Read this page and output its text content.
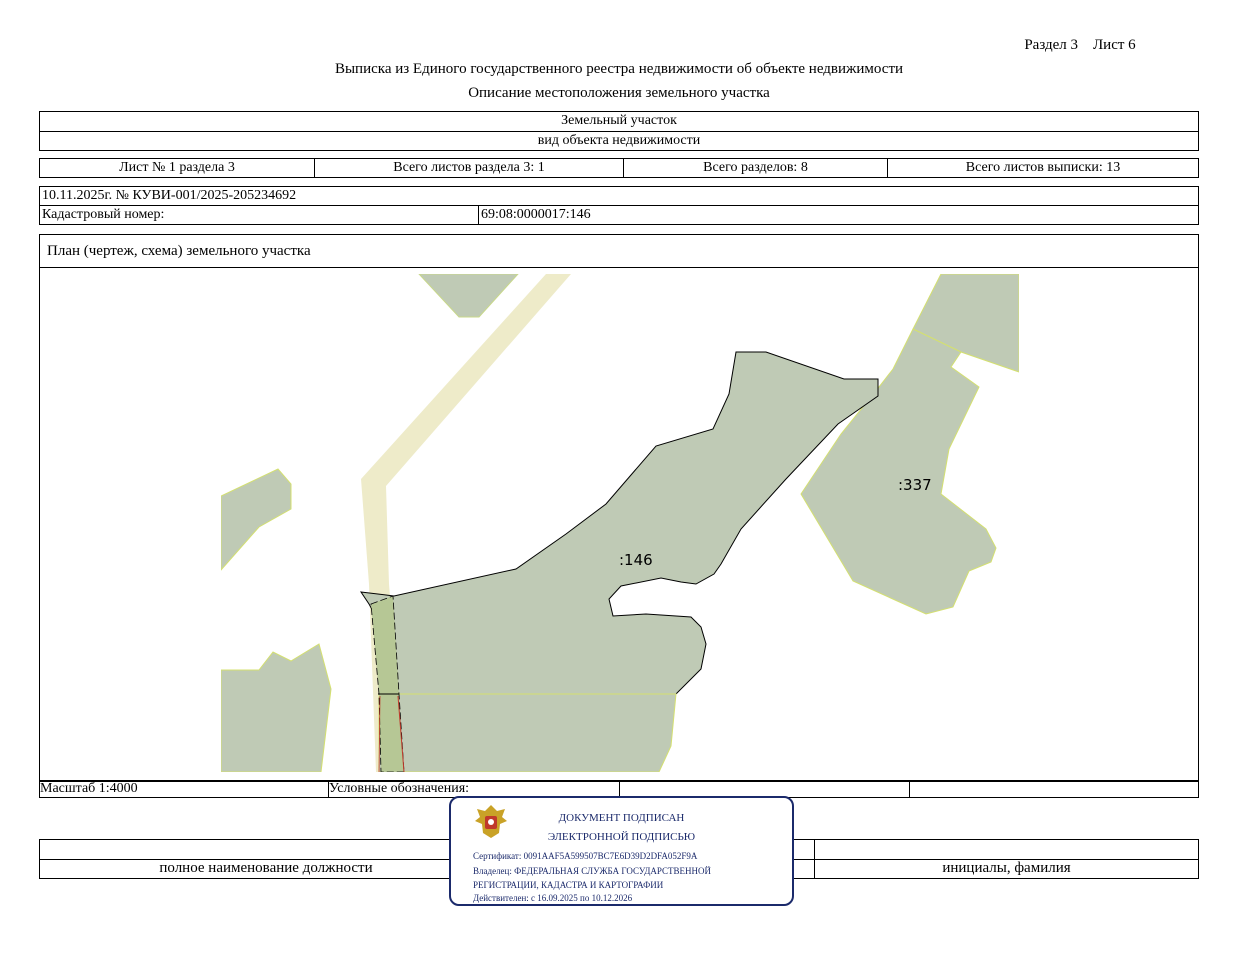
Раздел 3    Лист 6
Выписка из Единого государственного реестра недвижимости об объекте недвижимости
Описание местоположения земельного участка
Земельный участок
вид объекта недвижимости
Лист № 1 раздела 3	Всего листов раздела 3: 1	Всего разделов: 8	Всего листов выписки: 13
10.11.2025г. № КУВИ-001/2025-205234692
Кадастровый номер:	69:08:0000017:146
План (чертеж, схема) земельного участка
:146
:337
Масштаб 1:4000	Условные обозначения:
полное наименование должности	инициалы, фамилия
ДОКУМЕНТ ПОДПИСАН
ЭЛЕКТРОННОЙ ПОДПИСЬЮ
Сертификат: 0091AAF5A599507BC7E6D39D2DFA052F9A
Владелец: ФЕДЕРАЛЬНАЯ СЛУЖБА ГОСУДАРСТВЕННОЙ
РЕГИСТРАЦИИ, КАДАСТРА И КАРТОГРАФИИ
Действителен: с 16.09.2025 по 10.12.2026
